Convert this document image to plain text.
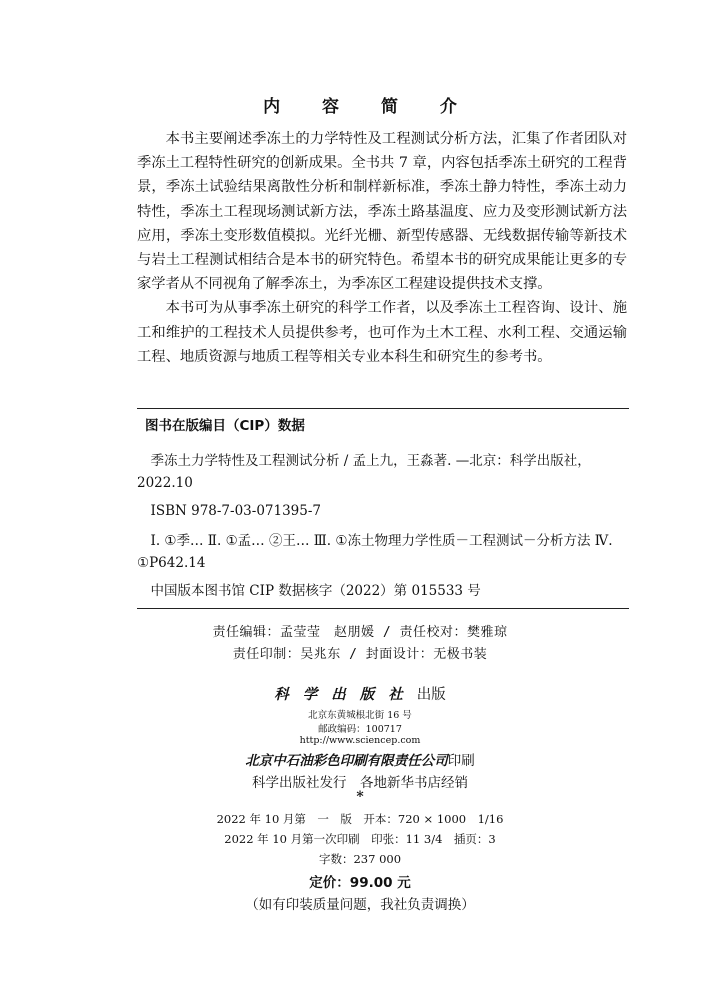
内 容 简 介

本书主要阐述季冻土的力学特性及工程测试分析方法，汇集了作者团队对季冻土工程特性研究的创新成果。全书共 7 章，内容包括季冻土研究的工程背景，季冻土试验结果离散性分析和制样新标准，季冻土静力特性，季冻土动力特性，季冻土工程现场测试新方法，季冻土路基温度、应力及变形测试新方法应用，季冻土变形数值模拟。光纤光栅、新型传感器、无线数据传输等新技术与岩土工程测试相结合是本书的研究特色。希望本书的研究成果能让更多的专家学者从不同视角了解季冻土，为季冻区工程建设提供技术支撑。

本书可为从事季冻土研究的科学工作者，以及季冻土工程咨询、设计、施工和维护的工程技术人员提供参考，也可作为土木工程、水利工程、交通运输工程、地质资源与地质工程等相关专业本科生和研究生的参考书。

图书在版编目（CIP）数据
季冻土力学特性及工程测试分析 / 孟上九，王淼著. —北京：科学出版社，2022.10
ISBN 978-7-03-071395-7
Ⅰ. ①季… Ⅱ. ①孟… ②王… Ⅲ. ①冻土物理力学性质－工程测试－分析方法 Ⅳ. ①P642.14
中国版本图书馆 CIP 数据核字（2022）第 015533 号
责任编辑：孟莹莹　赵朋媛 / 责任校对：樊雅琼
责任印制：吴兆东 / 封面设计：无极书装
科学出版社出版
北京东黄城根北街 16 号
邮政编码：100717
http://www.sciencep.com
北京中石油彩色印刷有限责任公司印刷
科学出版社发行　各地新华书店经销
*
2022 年 10 月第　一　版　开本：720 × 1000　1/16
2022 年 10 月第一次印刷　印张：11 3/4　插页：3
字数：237 000
定价：99.00 元
（如有印装质量问题，我社负责调换）
